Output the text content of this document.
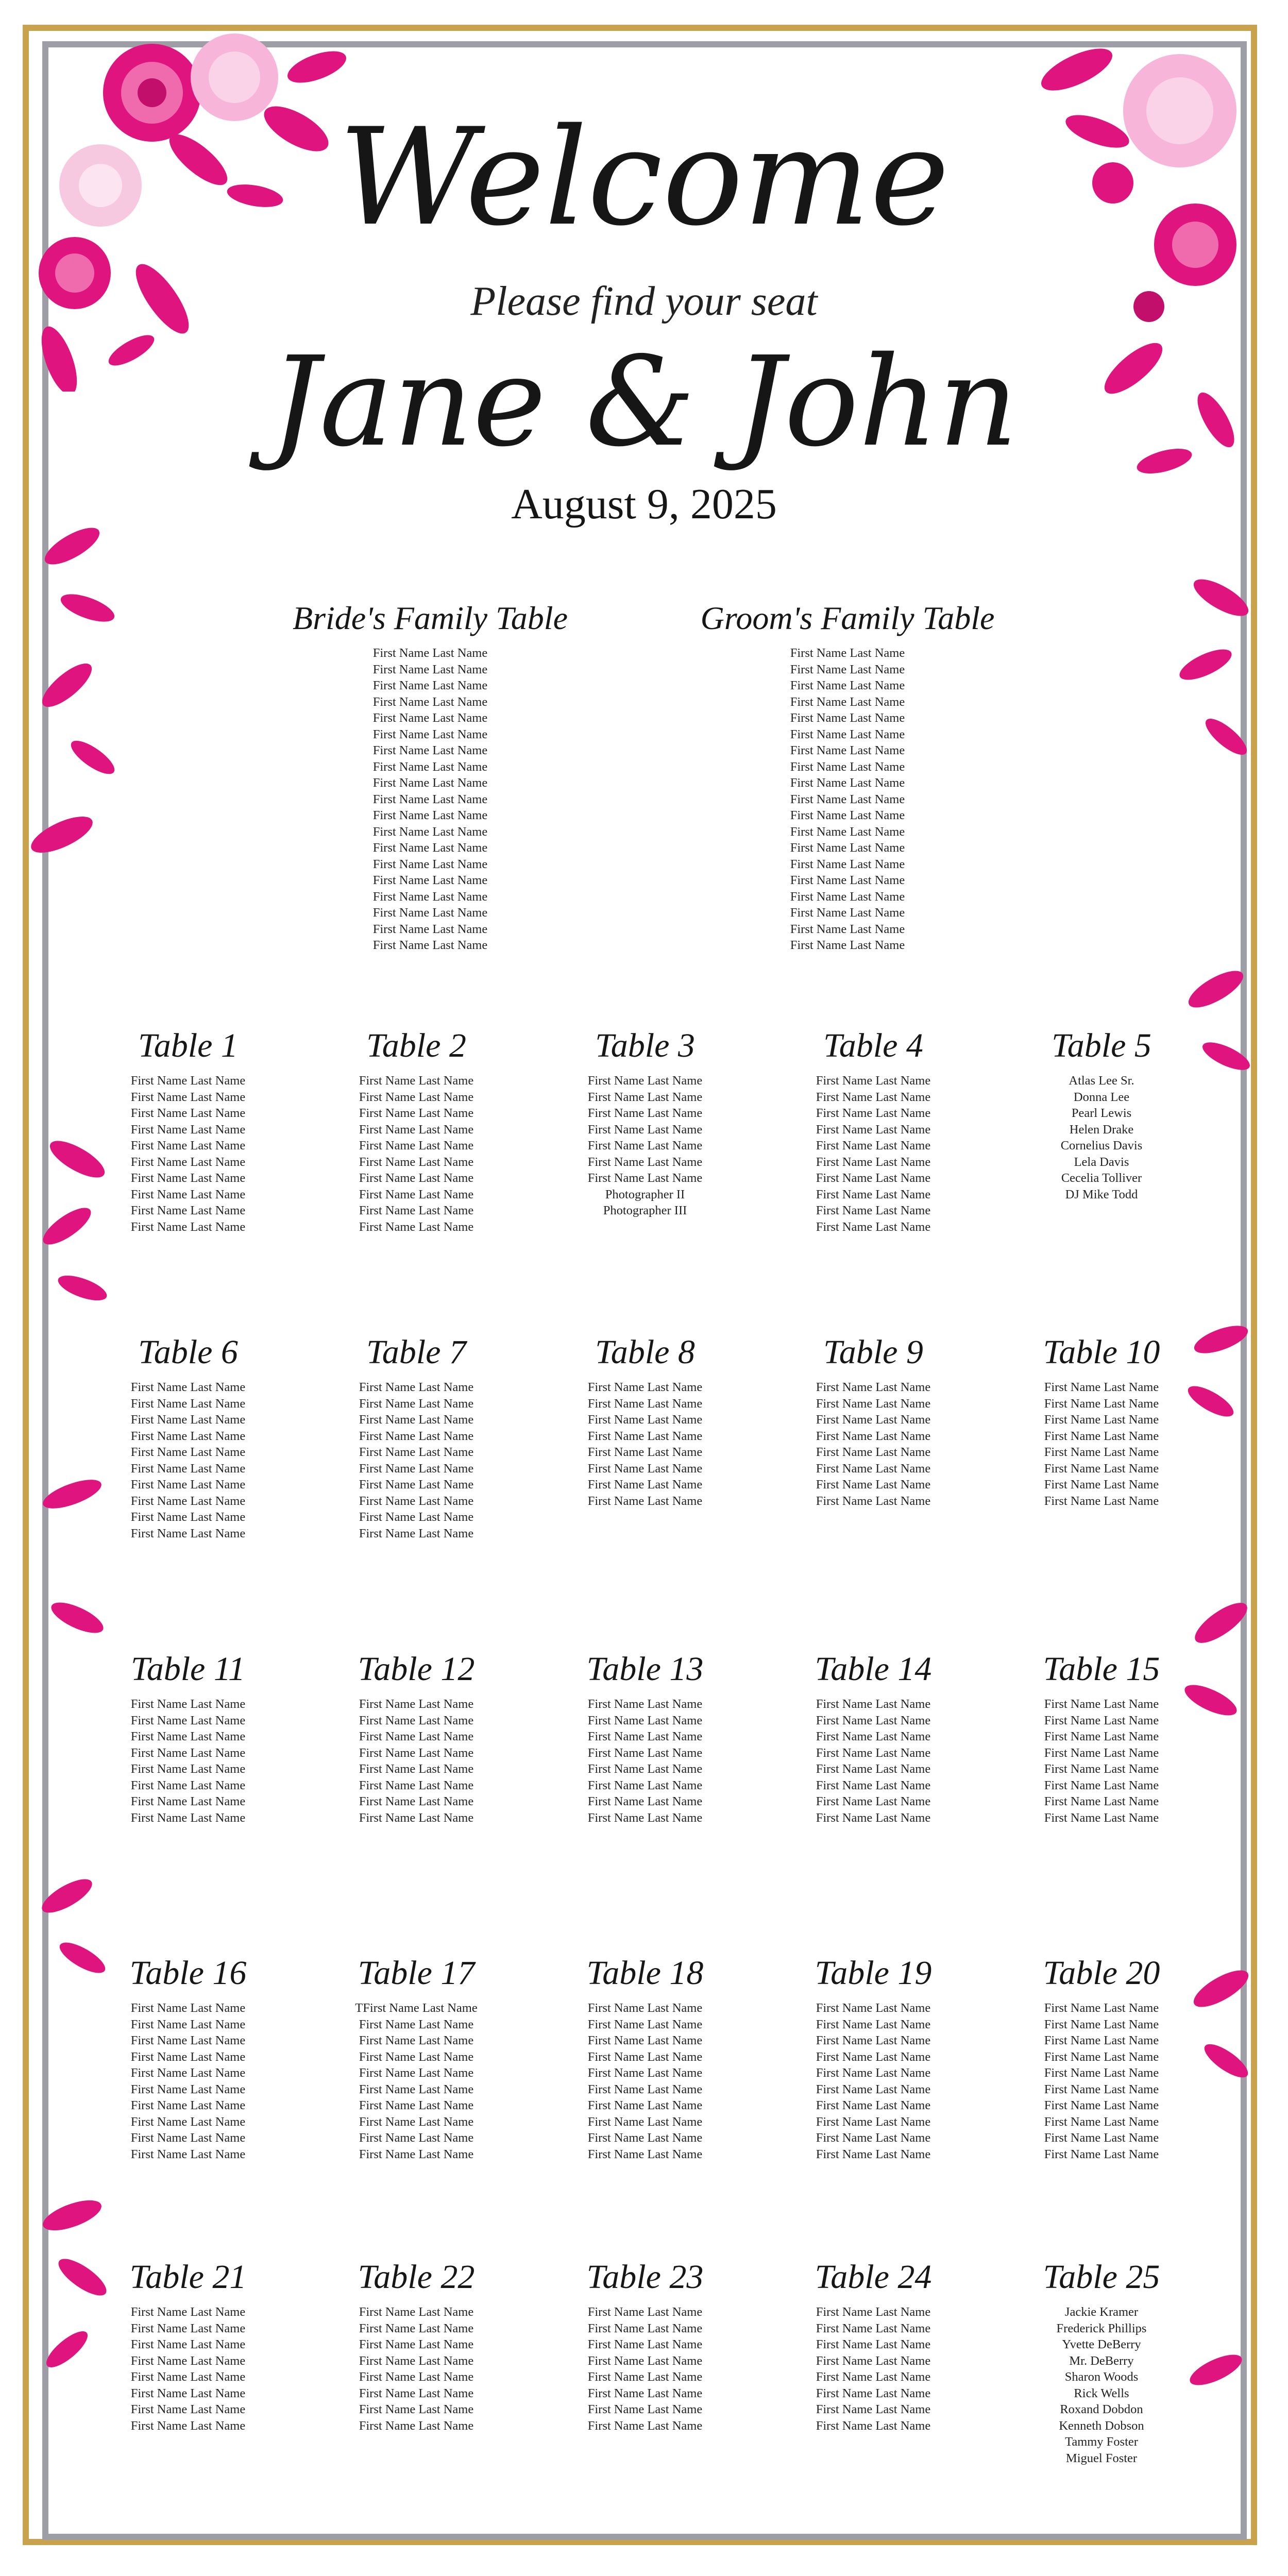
Welcome
Please find your seat
Jane & John
August 9, 2025
Bride's Family Table
First Name Last Name
First Name Last Name
First Name Last Name
First Name Last Name
First Name Last Name
First Name Last Name
First Name Last Name
First Name Last Name
First Name Last Name
First Name Last Name
First Name Last Name
First Name Last Name
First Name Last Name
First Name Last Name
First Name Last Name
First Name Last Name
First Name Last Name
First Name Last Name
First Name Last Name
Groom's Family Table
First Name Last Name
First Name Last Name
First Name Last Name
First Name Last Name
First Name Last Name
First Name Last Name
First Name Last Name
First Name Last Name
First Name Last Name
First Name Last Name
First Name Last Name
First Name Last Name
First Name Last Name
First Name Last Name
First Name Last Name
First Name Last Name
First Name Last Name
First Name Last Name
First Name Last Name
Table 1
First Name Last Name
First Name Last Name
First Name Last Name
First Name Last Name
First Name Last Name
First Name Last Name
First Name Last Name
First Name Last Name
First Name Last Name
First Name Last Name
Table 2
First Name Last Name
First Name Last Name
First Name Last Name
First Name Last Name
First Name Last Name
First Name Last Name
First Name Last Name
First Name Last Name
First Name Last Name
First Name Last Name
Table 3
First Name Last Name
First Name Last Name
First Name Last Name
First Name Last Name
First Name Last Name
First Name Last Name
First Name Last Name
Photographer II
Photographer III
Table 4
First Name Last Name
First Name Last Name
First Name Last Name
First Name Last Name
First Name Last Name
First Name Last Name
First Name Last Name
First Name Last Name
First Name Last Name
First Name Last Name
Table 5
Atlas Lee Sr.
Donna Lee
Pearl Lewis
Helen Drake
Cornelius Davis
Lela Davis
Cecelia Tolliver
DJ Mike Todd
Table 6
First Name Last Name
First Name Last Name
First Name Last Name
First Name Last Name
First Name Last Name
First Name Last Name
First Name Last Name
First Name Last Name
First Name Last Name
First Name Last Name
Table 7
First Name Last Name
First Name Last Name
First Name Last Name
First Name Last Name
First Name Last Name
First Name Last Name
First Name Last Name
First Name Last Name
First Name Last Name
First Name Last Name
Table 8
First Name Last Name
First Name Last Name
First Name Last Name
First Name Last Name
First Name Last Name
First Name Last Name
First Name Last Name
First Name Last Name
Table 9
First Name Last Name
First Name Last Name
First Name Last Name
First Name Last Name
First Name Last Name
First Name Last Name
First Name Last Name
First Name Last Name
Table 10
First Name Last Name
First Name Last Name
First Name Last Name
First Name Last Name
First Name Last Name
First Name Last Name
First Name Last Name
First Name Last Name
Table 11
First Name Last Name
First Name Last Name
First Name Last Name
First Name Last Name
First Name Last Name
First Name Last Name
First Name Last Name
First Name Last Name
Table 12
First Name Last Name
First Name Last Name
First Name Last Name
First Name Last Name
First Name Last Name
First Name Last Name
First Name Last Name
First Name Last Name
Table 13
First Name Last Name
First Name Last Name
First Name Last Name
First Name Last Name
First Name Last Name
First Name Last Name
First Name Last Name
First Name Last Name
Table 14
First Name Last Name
First Name Last Name
First Name Last Name
First Name Last Name
First Name Last Name
First Name Last Name
First Name Last Name
First Name Last Name
Table 15
First Name Last Name
First Name Last Name
First Name Last Name
First Name Last Name
First Name Last Name
First Name Last Name
First Name Last Name
First Name Last Name
Table 16
First Name Last Name
First Name Last Name
First Name Last Name
First Name Last Name
First Name Last Name
First Name Last Name
First Name Last Name
First Name Last Name
First Name Last Name
First Name Last Name
Table 17
TFirst Name Last Name
First Name Last Name
First Name Last Name
First Name Last Name
First Name Last Name
First Name Last Name
First Name Last Name
First Name Last Name
First Name Last Name
First Name Last Name
Table 18
First Name Last Name
First Name Last Name
First Name Last Name
First Name Last Name
First Name Last Name
First Name Last Name
First Name Last Name
First Name Last Name
First Name Last Name
First Name Last Name
Table 19
First Name Last Name
First Name Last Name
First Name Last Name
First Name Last Name
First Name Last Name
First Name Last Name
First Name Last Name
First Name Last Name
First Name Last Name
First Name Last Name
Table 20
First Name Last Name
First Name Last Name
First Name Last Name
First Name Last Name
First Name Last Name
First Name Last Name
First Name Last Name
First Name Last Name
First Name Last Name
First Name Last Name
Table 21
First Name Last Name
First Name Last Name
First Name Last Name
First Name Last Name
First Name Last Name
First Name Last Name
First Name Last Name
First Name Last Name
Table 22
First Name Last Name
First Name Last Name
First Name Last Name
First Name Last Name
First Name Last Name
First Name Last Name
First Name Last Name
First Name Last Name
Table 23
First Name Last Name
First Name Last Name
First Name Last Name
First Name Last Name
First Name Last Name
First Name Last Name
First Name Last Name
First Name Last Name
Table 24
First Name Last Name
First Name Last Name
First Name Last Name
First Name Last Name
First Name Last Name
First Name Last Name
First Name Last Name
First Name Last Name
Table 25
Jackie Kramer
Frederick Phillips
Yvette DeBerry
Mr. DeBerry
Sharon Woods
Rick Wells
Roxand Dobdon
Kenneth Dobson
Tammy Foster
Miguel Foster
